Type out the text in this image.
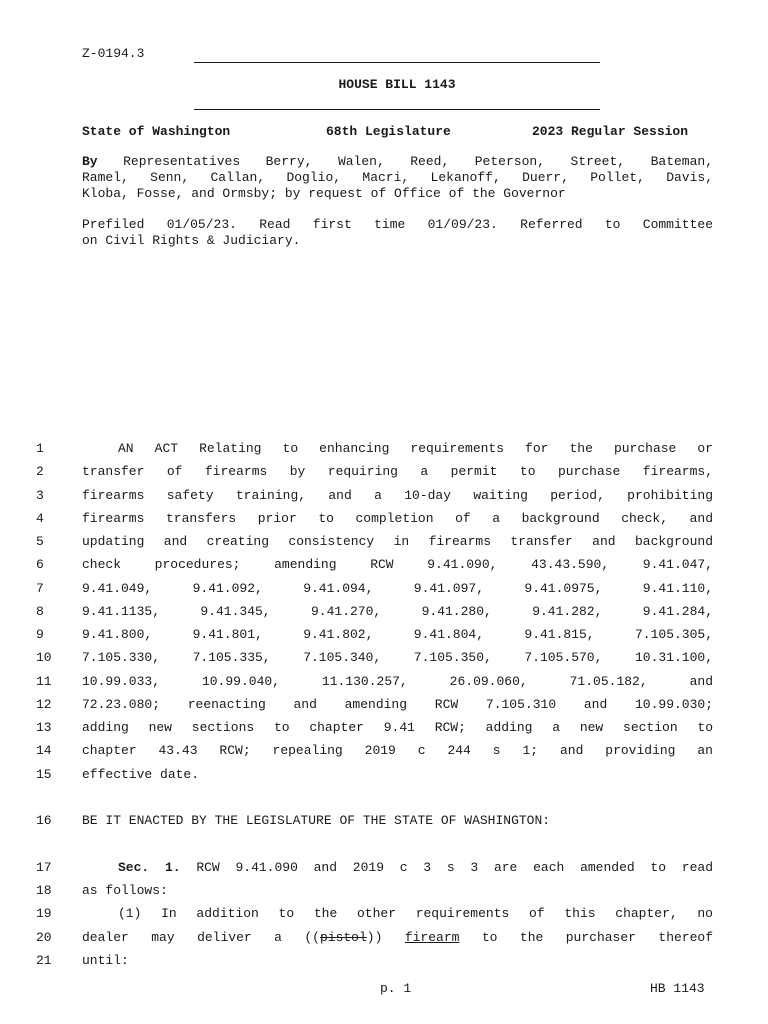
Z-0194.3
HOUSE BILL 1143
State of Washington	68th Legislature	2023 Regular Session
By Representatives Berry, Walen, Reed, Peterson, Street, Bateman,
Ramel, Senn, Callan, Doglio, Macri, Lekanoff, Duerr, Pollet, Davis,
Kloba, Fosse, and Ormsby; by request of Office of the Governor
Prefiled 01/05/23. Read first time 01/09/23. Referred to Committee
on Civil Rights & Judiciary.
1	AN ACT Relating to enhancing requirements for the purchase or
2	transfer of firearms by requiring a permit to purchase firearms,
3	firearms safety training, and a 10-day waiting period, prohibiting
4	firearms transfers prior to completion of a background check, and
5	updating and creating consistency in firearms transfer and background
6	check procedures; amending RCW 9.41.090, 43.43.590, 9.41.047,
7	9.41.049, 9.41.092, 9.41.094, 9.41.097, 9.41.0975, 9.41.110,
8	9.41.1135, 9.41.345, 9.41.270, 9.41.280, 9.41.282, 9.41.284,
9	9.41.800, 9.41.801, 9.41.802, 9.41.804, 9.41.815, 7.105.305,
10	7.105.330, 7.105.335, 7.105.340, 7.105.350, 7.105.570, 10.31.100,
11	10.99.033, 10.99.040, 11.130.257, 26.09.060, 71.05.182, and
12	72.23.080; reenacting and amending RCW 7.105.310 and 10.99.030;
13	adding new sections to chapter 9.41 RCW; adding a new section to
14	chapter 43.43 RCW; repealing 2019 c 244 s 1; and providing an
15	effective date.
16	BE IT ENACTED BY THE LEGISLATURE OF THE STATE OF WASHINGTON:
17	Sec. 1. RCW 9.41.090 and 2019 c 3 s 3 are each amended to read
18	as follows:
19	(1) In addition to the other requirements of this chapter, no
20	dealer may deliver a ((pistol)) firearm to the purchaser thereof
21	until:
p. 1	HB 1143
